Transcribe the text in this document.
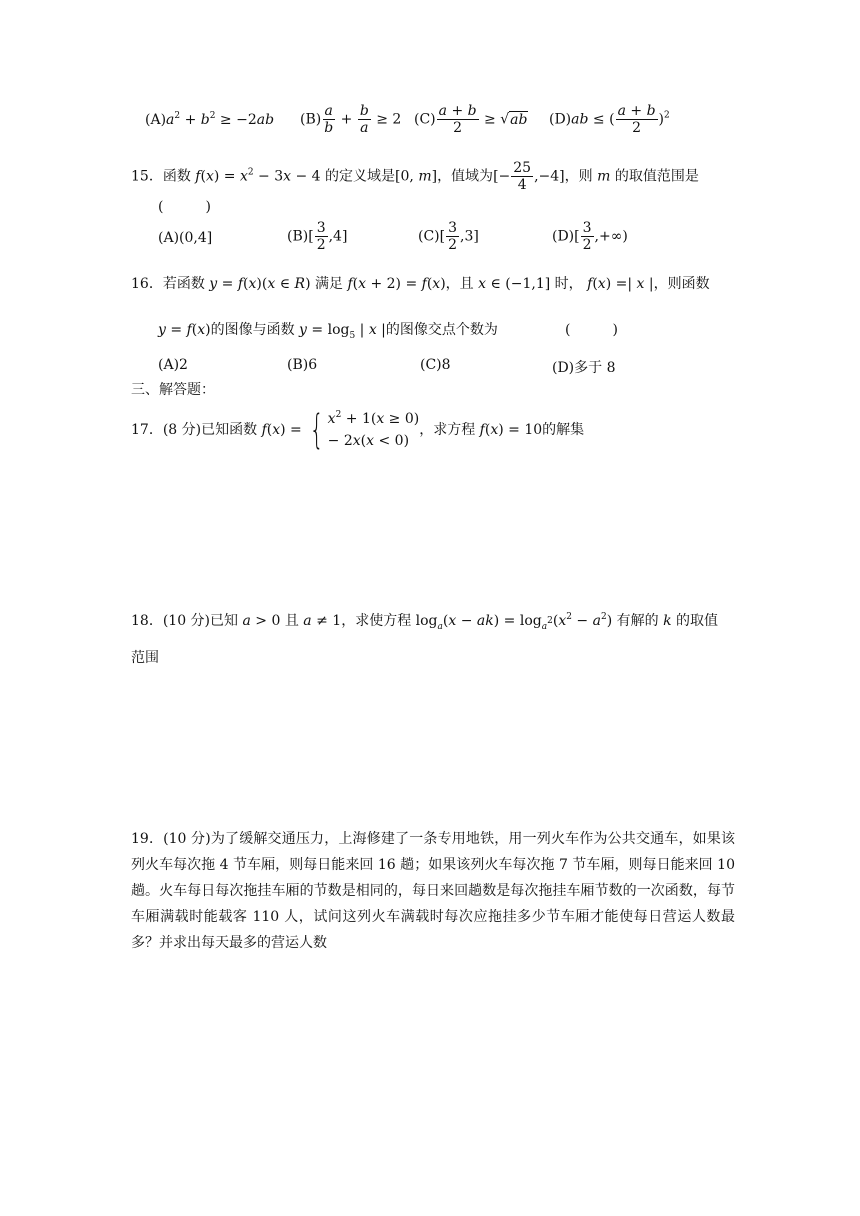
$(A)a^2 + b^2 \ge -2ab$ $(B) \frac{a}{b} + \frac{b}{a} \ge 2$ $(C) \frac{a + b}{2} \ge √ab$ (D)ab ≤ ( $\frac{a + b}{2} )^2$
15．函数 $f(x) = x^2 - 3x - 4$ 的定义域是[0, m]，值域为[− $\frac{25}{4} ,-4$]，则 m 的取值范围是
(　　　)
(A)(0,4]	$(B)[ \frac{3}{2} ,4]$	$(C)[ \frac{3}{2} ,3]$	$(D)[ \frac{3}{2}$ ,+∞)
16．若函数 y = f(x)(x ∈ R) 满足 f(x + 2) = f(x)，且 x ∈ (−1,1] 时， f(x) =| x |，则函数
y = f(x)的图像与函数 $y = \log_5$ | x |的图像交点个数为	(　　　)
(A)2	(B)6	(C)8	(D)多于 8
三、解答题：
17．(8 分)已知函数 f(x) = { $x^2 + 1(x \ge 0)$
− 2x(x < 0)
，求方程 f(x) = 10的解集
18．(10 分)已知 a > 0 且 a ≠ 1，求使方程 $\log_a(x - ak) = \log_{a^2}(x^2 - a^2)$ 有解的 k 的取值
范围
19．(10 分)为了缓解交通压力，上海修建了一条专用地铁，用一列火车作为公共交通车，如果该列火车每次拖 4 节车厢，则每日能来回 16 趟；如果该列火车每次拖 7 节车厢，则每日能来回 10 趟。火车每日每次拖挂车厢的节数是相同的，每日来回趟数是每次拖挂车厢节数的一次函数，每节车厢满载时能载客 110 人，试问这列火车满载时每次应拖挂多少节车厢才能使每日营运人数最多？并求出每天最多的营运人数
